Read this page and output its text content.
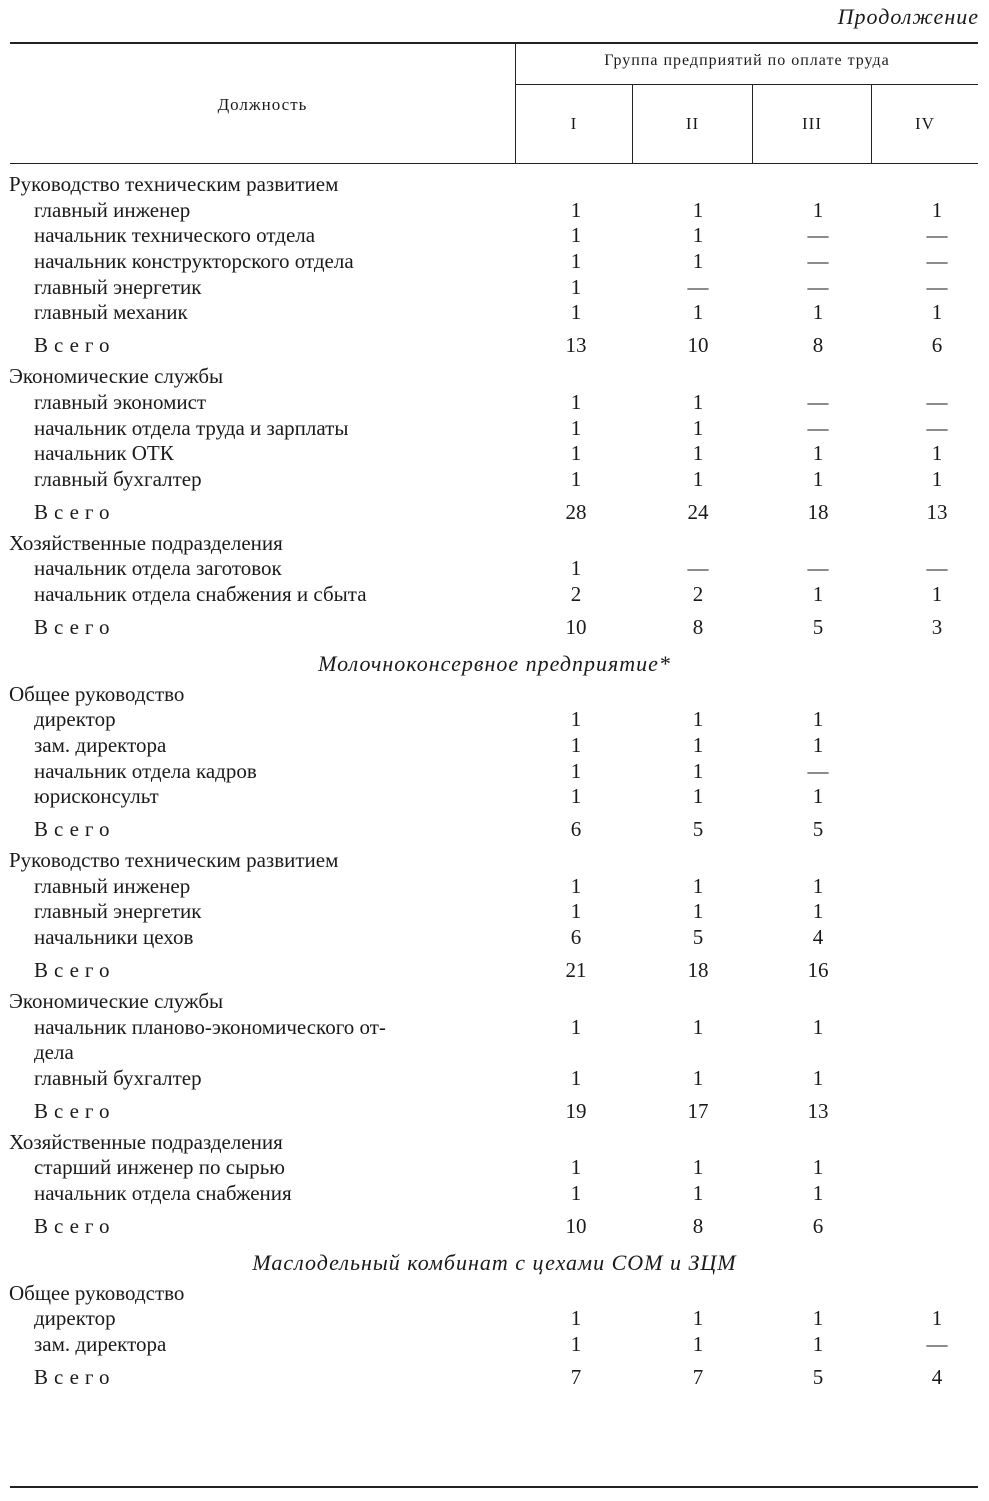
Продолжение
Должность
Группа предприятий по оплате труда
I	II	III	IV
Руководство техническим развитием
главный инженер	1	1	1	1
начальник технического отдела	1	1	—	—
начальник конструкторского отдела	1	1	—	—
главный энергетик	1	—	—	—
главный механик	1	1	1	1
Всего	13	10	8	6
Экономические службы
главный экономист	1	1	—	—
начальник отдела труда и зарплаты	1	1	—	—
начальник ОТК	1	1	1	1
главный бухгалтер	1	1	1	1
Всего	28	24	18	13
Хозяйственные подразделения
начальник отдела заготовок	1	—	—	—
начальник отдела снабжения и сбыта	2	2	1	1
Всего	10	8	5	3
Молочноконсервное предприятие*
Общее руководство
директор	1	1	1
зам. директора	1	1	1
начальник отдела кадров	1	1	—
юрисконсульт	1	1	1
Всего	6	5	5
Руководство техническим развитием
главный инженер	1	1	1
главный энергетик	1	1	1
начальники цехов	6	5	4
Всего	21	18	16
Экономические службы
начальник планово-экономического от-	1	1	1
дела
главный бухгалтер	1	1	1
Всего	19	17	13
Хозяйственные подразделения
старший инженер по сырью	1	1	1
начальник отдела снабжения	1	1	1
Всего	10	8	6
Маслодельный комбинат с цехами СОМ и ЗЦМ
Общее руководство
директор	1	1	1	1
зам. директора	1	1	1	—
Всего	7	7	5	4
